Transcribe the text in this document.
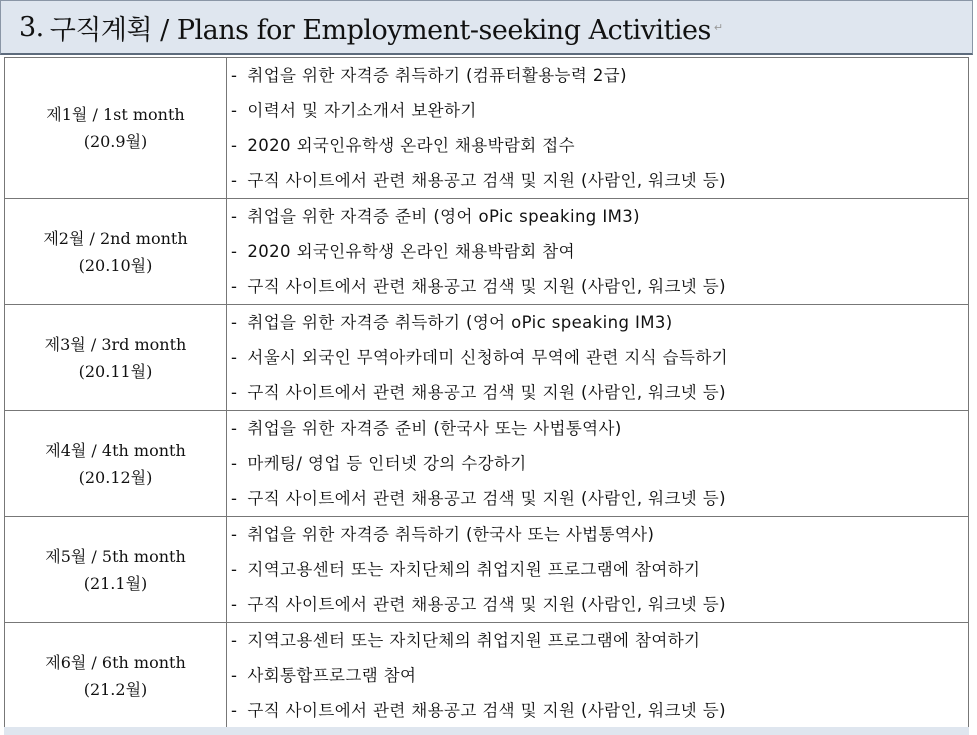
3. 구직계획 / Plans for Employment-seeking Activities ↵
제1월 / 1st month
(20.9월)	- 취업을 위한 자격증 취득하기 (컴퓨터활용능력 2급)
- 이력서 및 자기소개서 보완하기
- 2020 외국인유학생 온라인 채용박람회 접수
- 구직 사이트에서 관련 채용공고 검색 및 지원 (사람인, 워크넷 등)

제2월 / 2nd month
(20.10월)	- 취업을 위한 자격증 준비 (영어 oPic speaking IM3)
- 2020 외국인유학생 온라인 채용박람회 참여
- 구직 사이트에서 관련 채용공고 검색 및 지원 (사람인, 워크넷 등)

제3월 / 3rd month
(20.11월)	- 취업을 위한 자격증 취득하기 (영어 oPic speaking IM3)
- 서울시 외국인 무역아카데미 신청하여 무역에 관련 지식 습득하기
- 구직 사이트에서 관련 채용공고 검색 및 지원 (사람인, 워크넷 등)

제4월 / 4th month
(20.12월)	- 취업을 위한 자격증 준비 (한국사 또는 사법통역사)
- 마케팅/ 영업 등 인터넷 강의 수강하기
- 구직 사이트에서 관련 채용공고 검색 및 지원 (사람인, 워크넷 등)

제5월 / 5th month
(21.1월)	- 취업을 위한 자격증 취득하기 (한국사 또는 사법통역사)
- 지역고용센터 또는 자치단체의 취업지원 프로그램에 참여하기
- 구직 사이트에서 관련 채용공고 검색 및 지원 (사람인, 워크넷 등)

제6월 / 6th month
(21.2월)	- 지역고용센터 또는 자치단체의 취업지원 프로그램에 참여하기
- 사회통합프로그램 참여
- 구직 사이트에서 관련 채용공고 검색 및 지원 (사람인, 워크넷 등)
